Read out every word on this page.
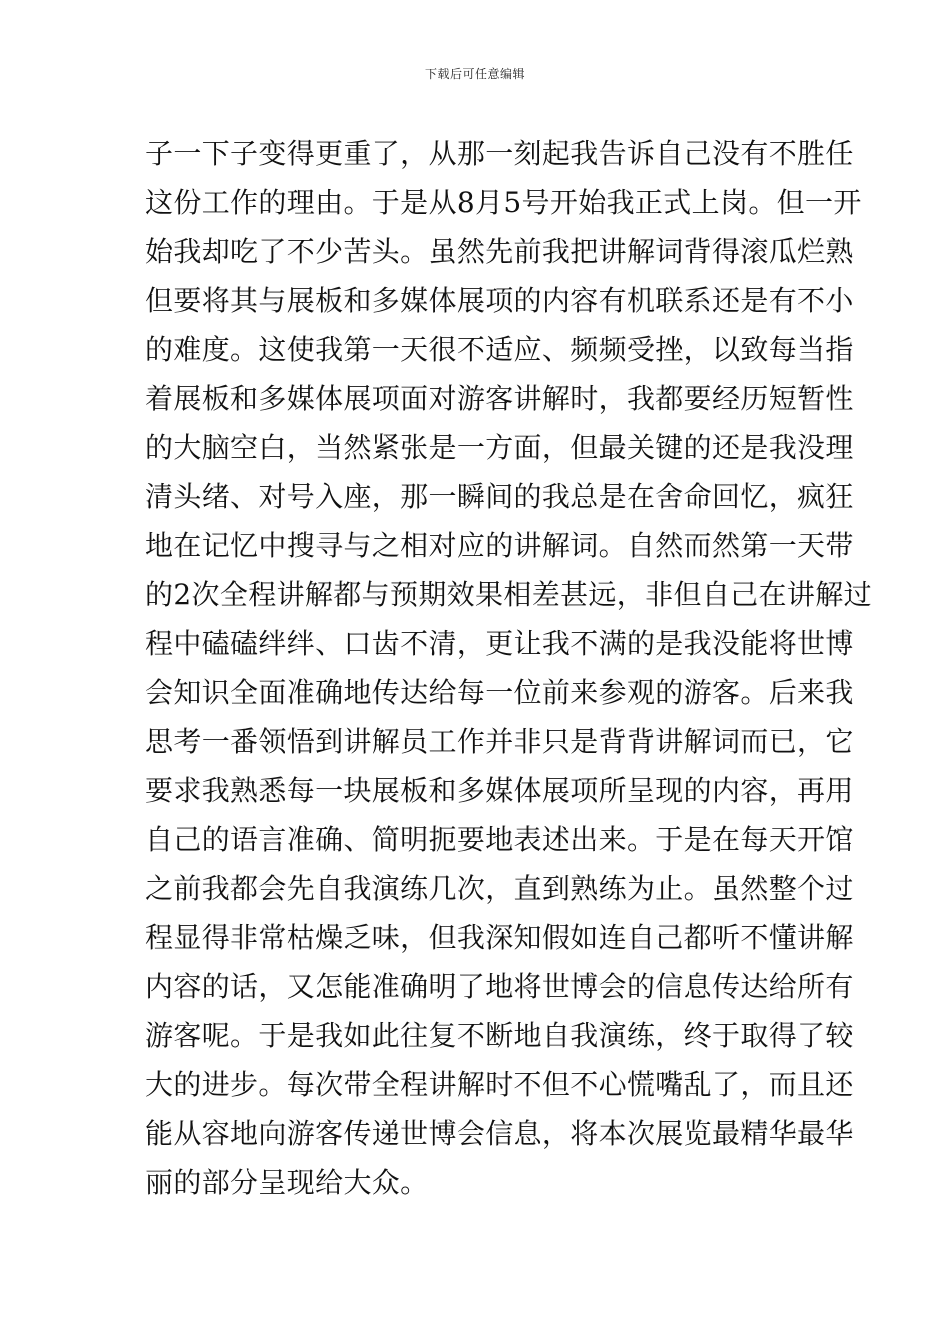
下载后可任意编辑
子一下子变得更重了，从那一刻起我告诉自己没有不胜任
这份工作的理由。于是从8月5号开始我正式上岗。但一开
始我却吃了不少苦头。虽然先前我把讲解词背得滚瓜烂熟
但要将其与展板和多媒体展项的内容有机联系还是有不小
的难度。这使我第一天很不适应、频频受挫，以致每当指
着展板和多媒体展项面对游客讲解时，我都要经历短暂性
的大脑空白，当然紧张是一方面，但最关键的还是我没理
清头绪、对号入座，那一瞬间的我总是在舍命回忆，疯狂
地在记忆中搜寻与之相对应的讲解词。自然而然第一天带
的2次全程讲解都与预期效果相差甚远，非但自己在讲解过
程中磕磕绊绊、口齿不清，更让我不满的是我没能将世博
会知识全面准确地传达给每一位前来参观的游客。后来我
思考一番领悟到讲解员工作并非只是背背讲解词而已，它
要求我熟悉每一块展板和多媒体展项所呈现的内容，再用
自己的语言准确、简明扼要地表述出来。于是在每天开馆
之前我都会先自我演练几次，直到熟练为止。虽然整个过
程显得非常枯燥乏味，但我深知假如连自己都听不懂讲解
内容的话，又怎能准确明了地将世博会的信息传达给所有
游客呢。于是我如此往复不断地自我演练，终于取得了较
大的进步。每次带全程讲解时不但不心慌嘴乱了，而且还
能从容地向游客传递世博会信息，将本次展览最精华最华
丽的部分呈现给大众。
